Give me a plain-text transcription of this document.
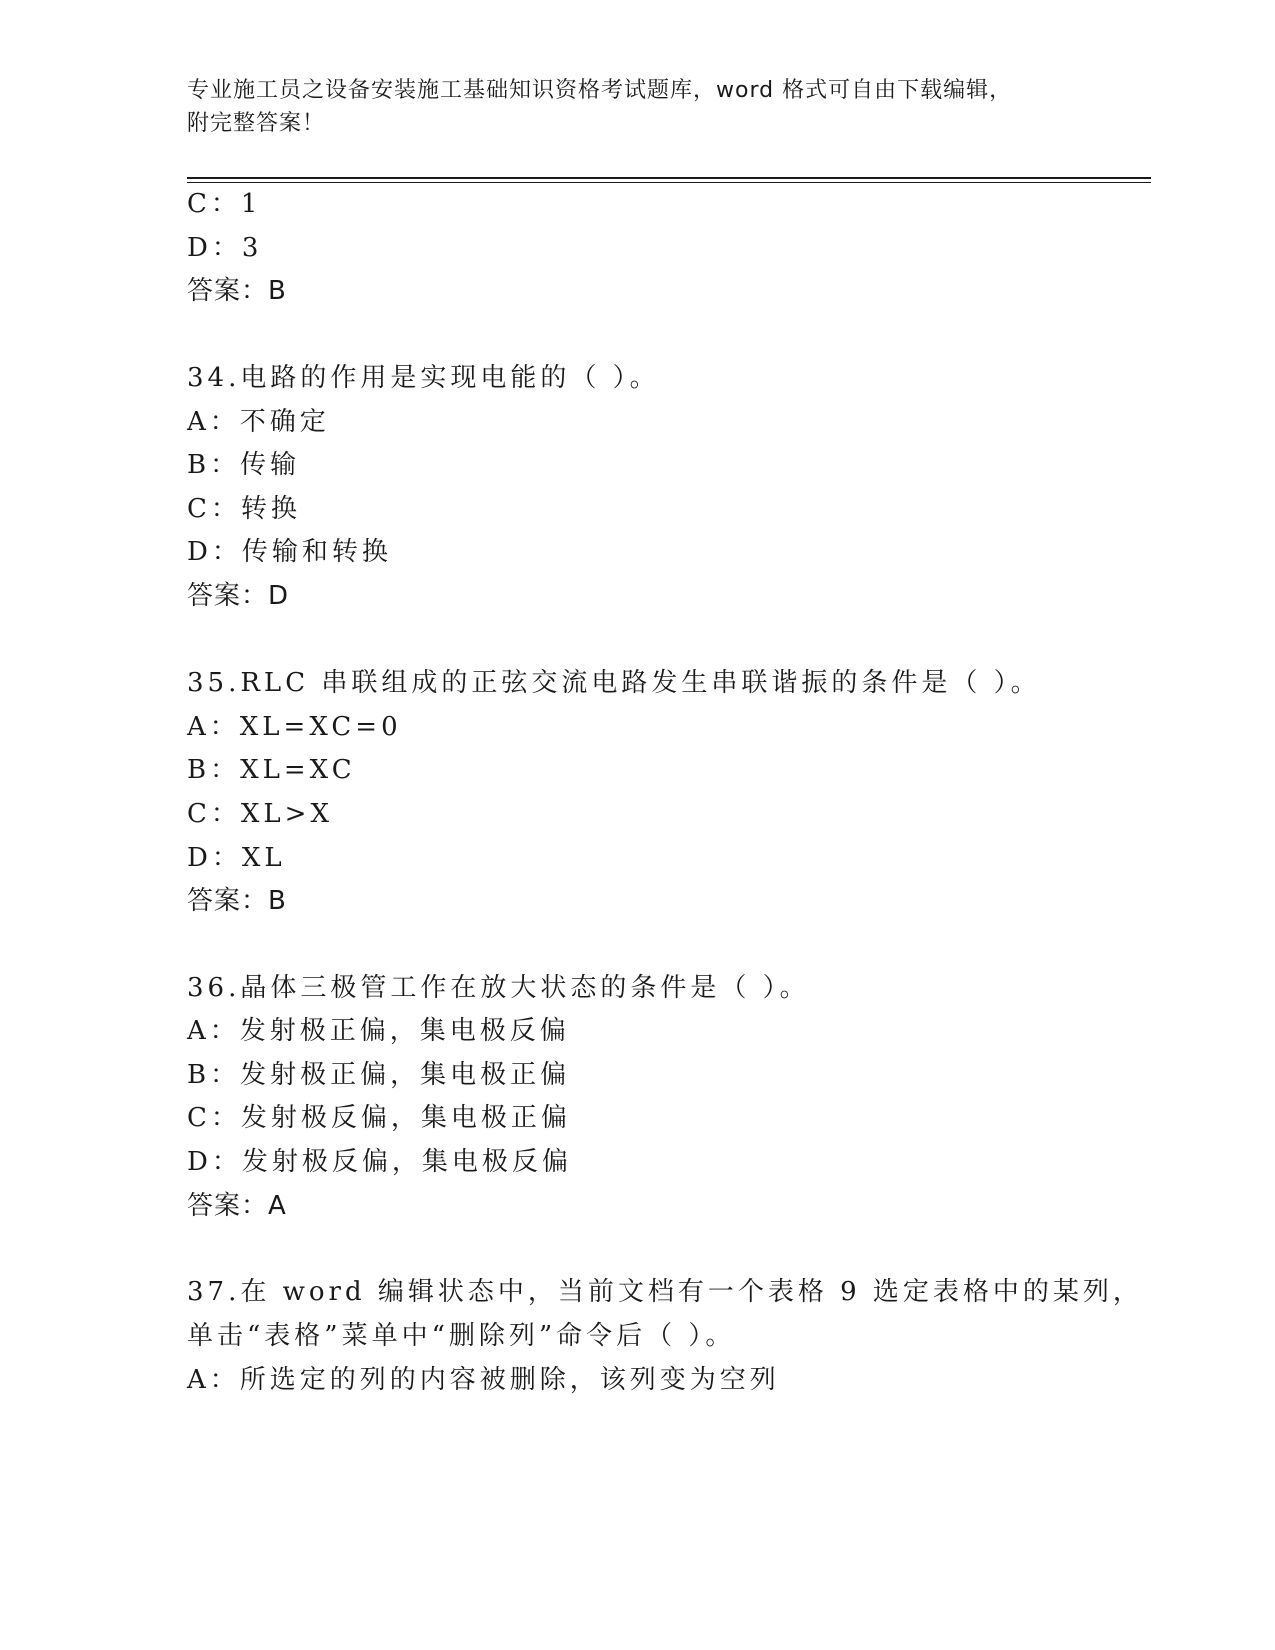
专业施工员之设备安装施工基础知识资格考试题库，word 格式可自由下载编辑，
附完整答案！
C：1
D：3
答案：B
34.电路的作用是实现电能的（ ）。
A：不确定
B：传输
C：转换
D：传输和转换
答案：D
35.RLC 串联组成的正弦交流电路发生串联谐振的条件是（ ）。
A：XL=XC=0
B：XL=XC
C：XL>X
D：XL
答案：B
36.晶体三极管工作在放大状态的条件是（ ）。
A：发射极正偏，集电极反偏
B：发射极正偏，集电极正偏
C：发射极反偏，集电极正偏
D：发射极反偏，集电极反偏
答案：A
37.在 word 编辑状态中，当前文档有一个表格 9 选定表格中的某列，
单击“表格”菜单中“删除列”命令后（ ）。
A：所选定的列的内容被删除，该列变为空列
